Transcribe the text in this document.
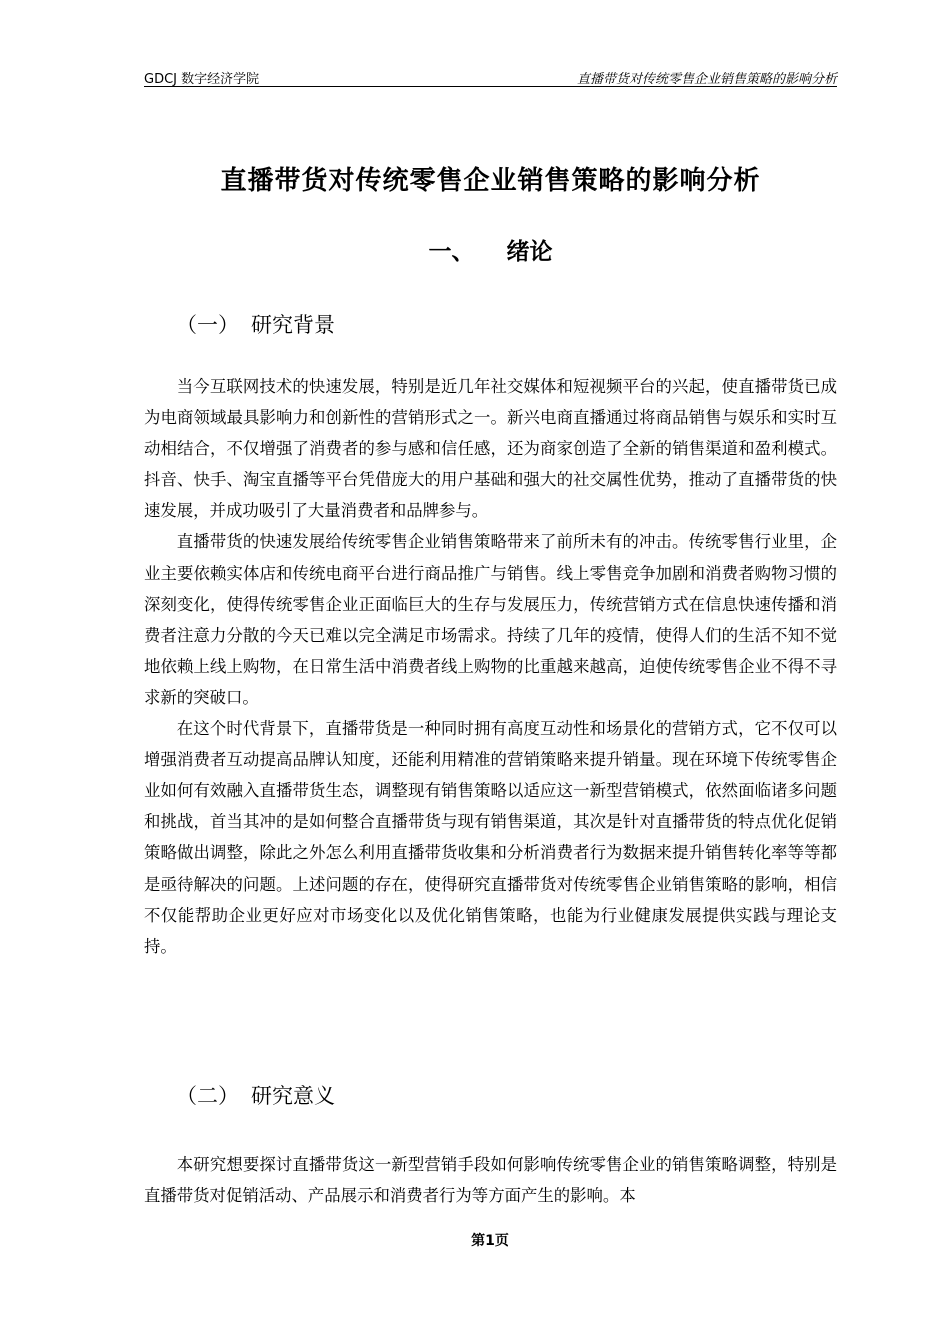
GDCJ 数字经济学院	直播带货对传统零售企业销售策略的影响分析
直播带货对传统零售企业销售策略的影响分析
一、 绪论
（一） 研究背景

当今互联网技术的快速发展，特别是近几年社交媒体和短视频平台的兴起，使直播带货已成为电商领域最具影响力和创新性的营销形式之一。新兴电商直播通过将商品销售与娱乐和实时互动相结合，不仅增强了消费者的参与感和信任感，还为商家创造了全新的销售渠道和盈利模式。抖音、快手、淘宝直播等平台凭借庞大的用户基础和强大的社交属性优势，推动了直播带货的快速发展，并成功吸引了大量消费者和品牌参与。

直播带货的快速发展给传统零售企业销售策略带来了前所未有的冲击。传统零售行业里，企业主要依赖实体店和传统电商平台进行商品推广与销售。线上零售竞争加剧和消费者购物习惯的深刻变化，使得传统零售企业正面临巨大的生存与发展压力，传统营销方式在信息快速传播和消费者注意力分散的今天已难以完全满足市场需求。持续了几年的疫情，使得人们的生活不知不觉地依赖上线上购物，在日常生活中消费者线上购物的比重越来越高，迫使传统零售企业不得不寻求新的突破口。

在这个时代背景下，直播带货是一种同时拥有高度互动性和场景化的营销方式，它不仅可以增强消费者互动提高品牌认知度，还能利用精准的营销策略来提升销量。现在环境下传统零售企业如何有效融入直播带货生态，调整现有销售策略以适应这一新型营销模式，依然面临诸多问题和挑战，首当其冲的是如何整合直播带货与现有销售渠道，其次是针对直播带货的特点优化促销策略做出调整，除此之外怎么利用直播带货收集和分析消费者行为数据来提升销售转化率等等都是亟待解决的问题。上述问题的存在，使得研究直播带货对传统零售企业销售策略的影响，相信不仅能帮助企业更好应对市场变化以及优化销售策略，也能为行业健康发展提供实践与理论支持。

（二） 研究意义

本研究想要探讨直播带货这一新型营销手段如何影响传统零售企业的销售策略调整，特别是直播带货对促销活动、产品展示和消费者行为等方面产生的影响。本

第1页
